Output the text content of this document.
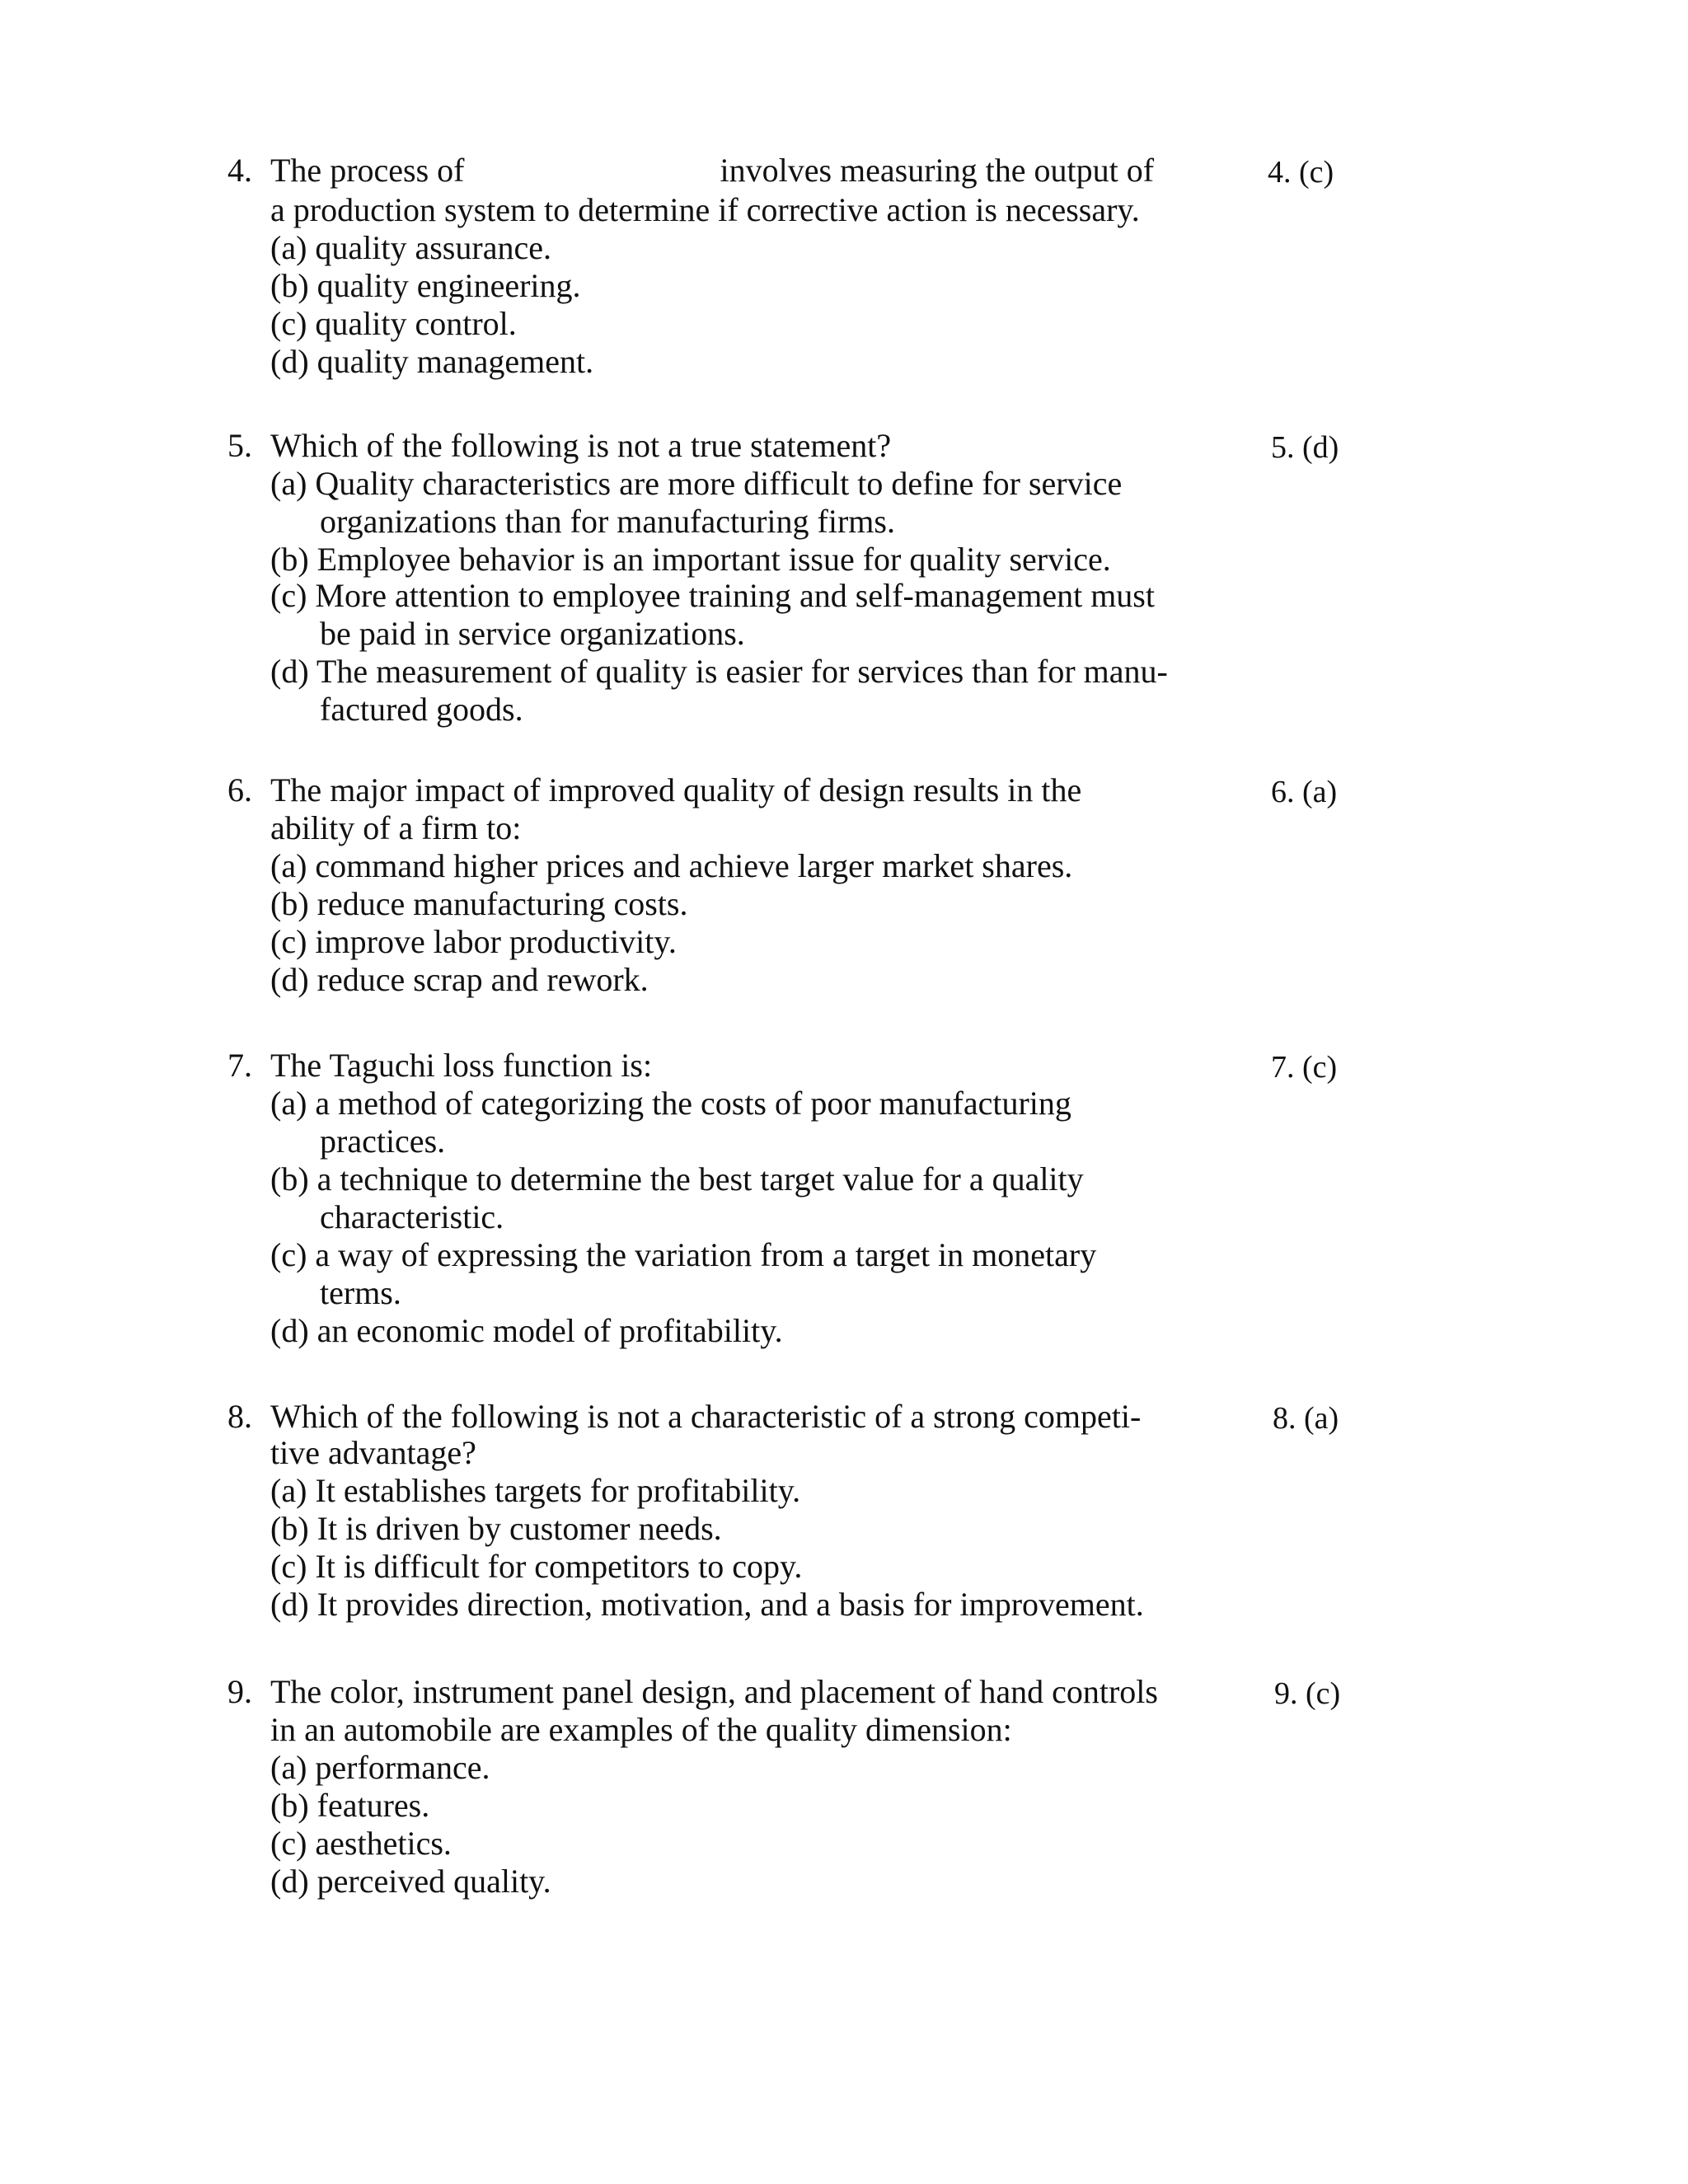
4. The process of	involves measuring the output of
a production system to determine if corrective action is necessary.
(a) quality assurance.
(b) quality engineering.
(c) quality control.
(d) quality management.
4. (c)
5. Which of the following is not a true statement?
(a) Quality characteristics are more difficult to define for service
organizations than for manufacturing firms.
(b) Employee behavior is an important issue for quality service.
(c) More attention to employee training and self-management must
be paid in service organizations.
(d) The measurement of quality is easier for services than for manu-
factured goods.
5. (d)
6. The major impact of improved quality of design results in the
ability of a firm to:
(a) command higher prices and achieve larger market shares.
(b) reduce manufacturing costs.
(c) improve labor productivity.
(d) reduce scrap and rework.
6. (a)
7. The Taguchi loss function is:
(a) a method of categorizing the costs of poor manufacturing
practices.
(b) a technique to determine the best target value for a quality
characteristic.
(c) a way of expressing the variation from a target in monetary
terms.
(d) an economic model of profitability.
7. (c)
8. Which of the following is not a characteristic of a strong competi-
tive advantage?
(a) It establishes targets for profitability.
(b) It is driven by customer needs.
(c) It is difficult for competitors to copy.
(d) It provides direction, motivation, and a basis for improvement.
8. (a)
9. The color, instrument panel design, and placement of hand controls
in an automobile are examples of the quality dimension:
(a) performance.
(b) features.
(c) aesthetics.
(d) perceived quality.
9. (c)
